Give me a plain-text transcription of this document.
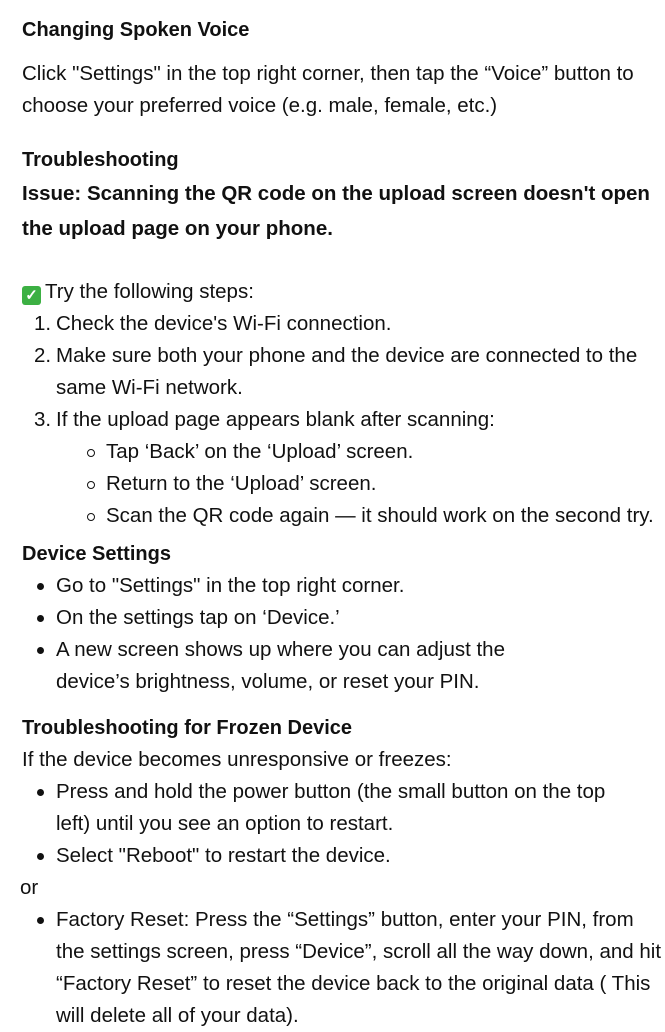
Changing Spoken Voice

Click "Settings" in the top right corner, then tap the “Voice” button to choose your preferred voice (e.g. male, female, etc.)

Troubleshooting

Issue: Scanning the QR code on the upload screen doesn't open the upload page on your phone.

✓ Try the following steps:

1. Check the device's Wi-Fi connection.
2. Make sure both your phone and the device are connected to the same Wi-Fi network.
3. If the upload page appears blank after scanning:
Tap ‘Back’ on the ‘Upload’ screen.
Return to the ‘Upload’ screen.
Scan the QR code again — it should work on the second try.
Device Settings
Go to "Settings" in the top right corner.
On the settings tap on ‘Device.’
A new screen shows up where you can adjust the device’s brightness, volume, or reset your PIN.
Troubleshooting for Frozen Device

If the device becomes unresponsive or freezes:

Press and hold the power button (the small button on the top left) until you see an option to restart.
Select "Reboot" to restart the device.

or

Factory Reset: Press the “Settings” button, enter your PIN, from the settings screen, press “Device”, scroll all the way down, and hit “Factory Reset” to reset the device back to the original data ( This will delete all of your data).
